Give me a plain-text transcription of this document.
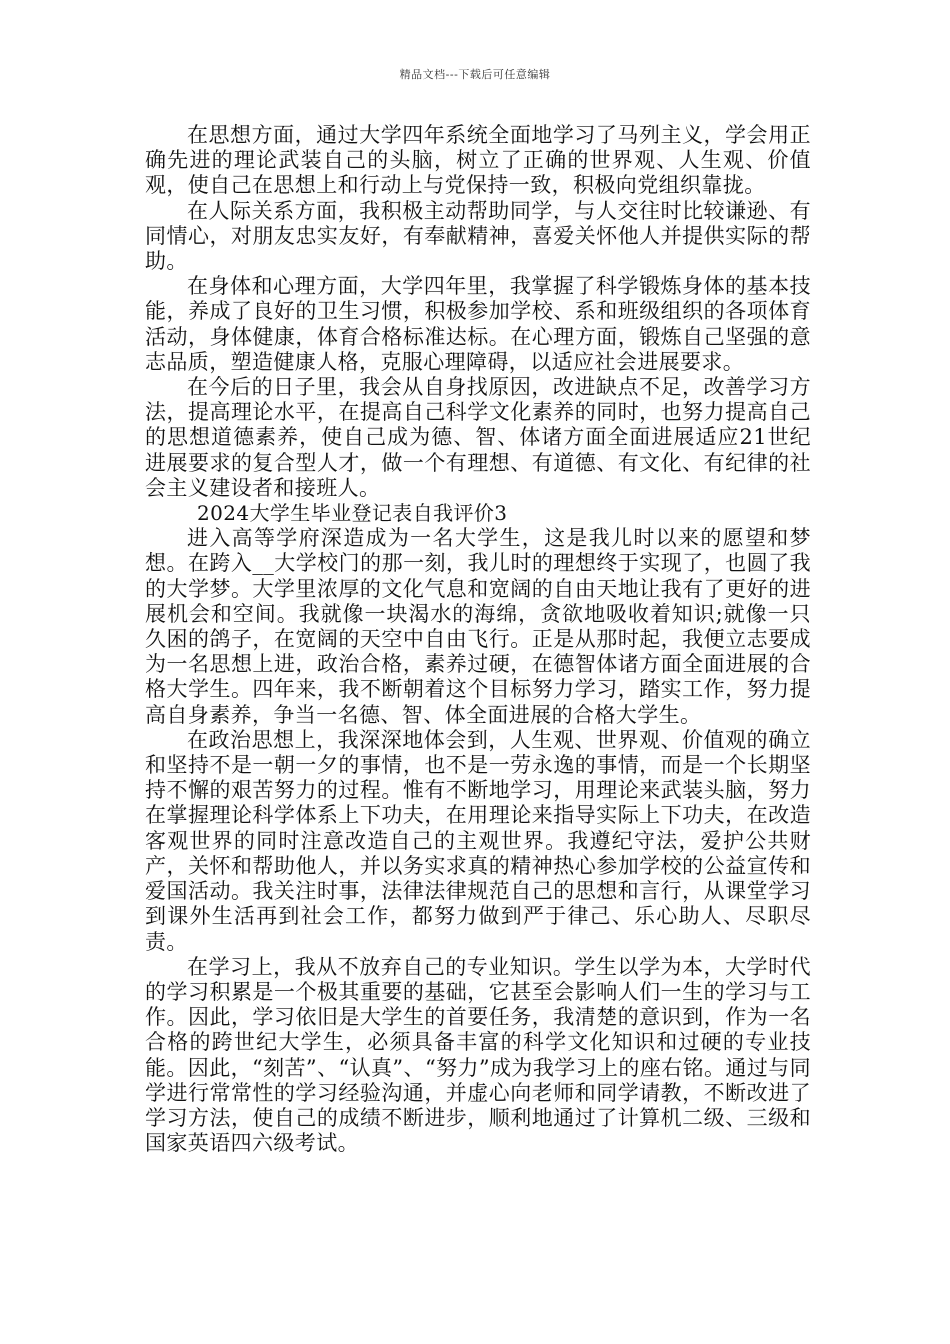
精品文档---下载后可任意编辑

在思想方面，通过大学四年系统全面地学习了马列主义，学会用正确先进的理论武装自己的头脑，树立了正确的世界观、人生观、价值观，使自己在思想上和行动上与党保持一致，积极向党组织靠拢。

在人际关系方面，我积极主动帮助同学，与人交往时比较谦逊、有同情心，对朋友忠实友好，有奉献精神，喜爱关怀他人并提供实际的帮助。

在身体和心理方面，大学四年里，我掌握了科学锻炼身体的基本技能，养成了良好的卫生习惯，积极参加学校、系和班级组织的各项体育活动，身体健康，体育合格标准达标。在心理方面，锻炼自己坚强的意志品质，塑造健康人格，克服心理障碍，以适应社会进展要求。

在今后的日子里，我会从自身找原因，改进缺点不足，改善学习方法，提高理论水平，在提高自己科学文化素养的同时，也努力提高自己的思想道德素养，使自己成为德、智、体诸方面全面进展适应21世纪进展要求的复合型人才，做一个有理想、有道德、有文化、有纪律的社会主义建设者和接班人。

2024大学生毕业登记表自我评价3

进入高等学府深造成为一名大学生，这是我儿时以来的愿望和梦想。在跨入__大学校门的那一刻，我儿时的理想终于实现了，也圆了我的大学梦。大学里浓厚的文化气息和宽阔的自由天地让我有了更好的进展机会和空间。我就像一块渴水的海绵，贪欲地吸收着知识;就像一只久困的鸽子，在宽阔的天空中自由飞行。正是从那时起，我便立志要成为一名思想上进，政治合格，素养过硬，在德智体诸方面全面进展的合格大学生。四年来，我不断朝着这个目标努力学习，踏实工作，努力提高自身素养，争当一名德、智、体全面进展的合格大学生。

在政治思想上，我深深地体会到，人生观、世界观、价值观的确立和坚持不是一朝一夕的事情，也不是一劳永逸的事情，而是一个长期坚持不懈的艰苦努力的过程。惟有不断地学习，用理论来武装头脑，努力在掌握理论科学体系上下功夫，在用理论来指导实际上下功夫，在改造客观世界的同时注意改造自己的主观世界。我遵纪守法，爱护公共财产，关怀和帮助他人，并以务实求真的精神热心参加学校的公益宣传和爱国活动。我关注时事，法律法律规范自己的思想和言行，从课堂学习到课外生活再到社会工作，都努力做到严于律己、乐心助人、尽职尽责。

在学习上，我从不放弃自己的专业知识。学生以学为本，大学时代的学习积累是一个极其重要的基础，它甚至会影响人们一生的学习与工作。因此，学习依旧是大学生的首要任务，我清楚的意识到，作为一名合格的跨世纪大学生，必须具备丰富的科学文化知识和过硬的专业技能。因此，“刻苦”、“认真”、“努力”成为我学习上的座右铭。通过与同学进行常常性的学习经验沟通，并虚心向老师和同学请教，不断改进了学习方法，使自己的成绩不断进步，顺利地通过了计算机二级、三级和国家英语四六级考试。
